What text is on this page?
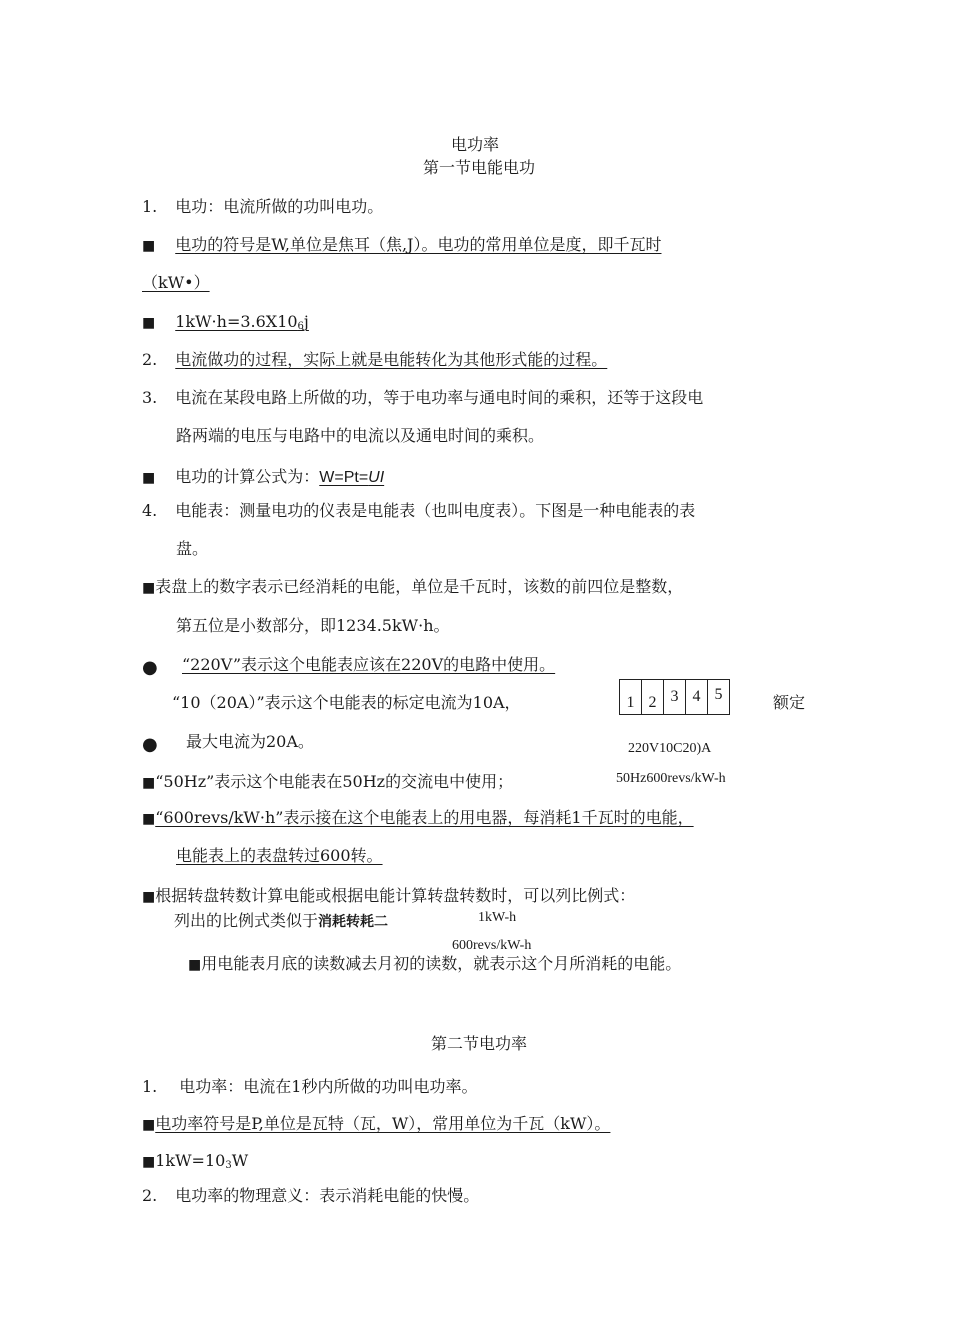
电功率
第一节电能电功
1. 电功：电流所做的功叫电功。
■ 电功的符号是W,单位是焦耳（焦,J）。电功的常用单位是度，即千瓦时
（kW•）
■ 1kW·h=3.6X106j
2. 电流做功的过程，实际上就是电能转化为其他形式能的过程。
3. 电流在某段电路上所做的功，等于电功率与通电时间的乘积，还等于这段电
路两端的电压与电路中的电流以及通电时间的乘积。
■ 电功的计算公式为：W=Pt=UI
4. 电能表：测量电功的仪表是电能表（也叫电度表）。下图是一种电能表的表
盘。
■表盘上的数字表示已经消耗的电能，单位是千瓦时，该数的前四位是整数，
第五位是小数部分，即1234.5kW·h。
● “220V”表示这个电能表应该在220V的电路中使用。
“10（20A）”表示这个电能表的标定电流为10A，	1 2 3 4 5	额定
● 最大电流为20A。	220V10C20)A
■“50Hz”表示这个电能表在50Hz的交流电中使用；	50Hz600revs/kW-h
■“600revs/kW·h”表示接在这个电能表上的用电器，每消耗1千瓦时的电能，
电能表上的表盘转过600转。
■根据转盘转数计算电能或根据电能计算转盘转数时，可以列比例式：
列出的比例式类似于消耗转耗二	1kW-h
600revs/kW-h
■用电能表月底的读数减去月初的读数，就表示这个月所消耗的电能。
第二节电功率
1. 电功率：电流在1秒内所做的功叫电功率。
■电功率符号是P,单位是瓦特（瓦，W），常用单位为千瓦（kW）。
■1kW=103W
2. 电功率的物理意义：表示消耗电能的快慢。
